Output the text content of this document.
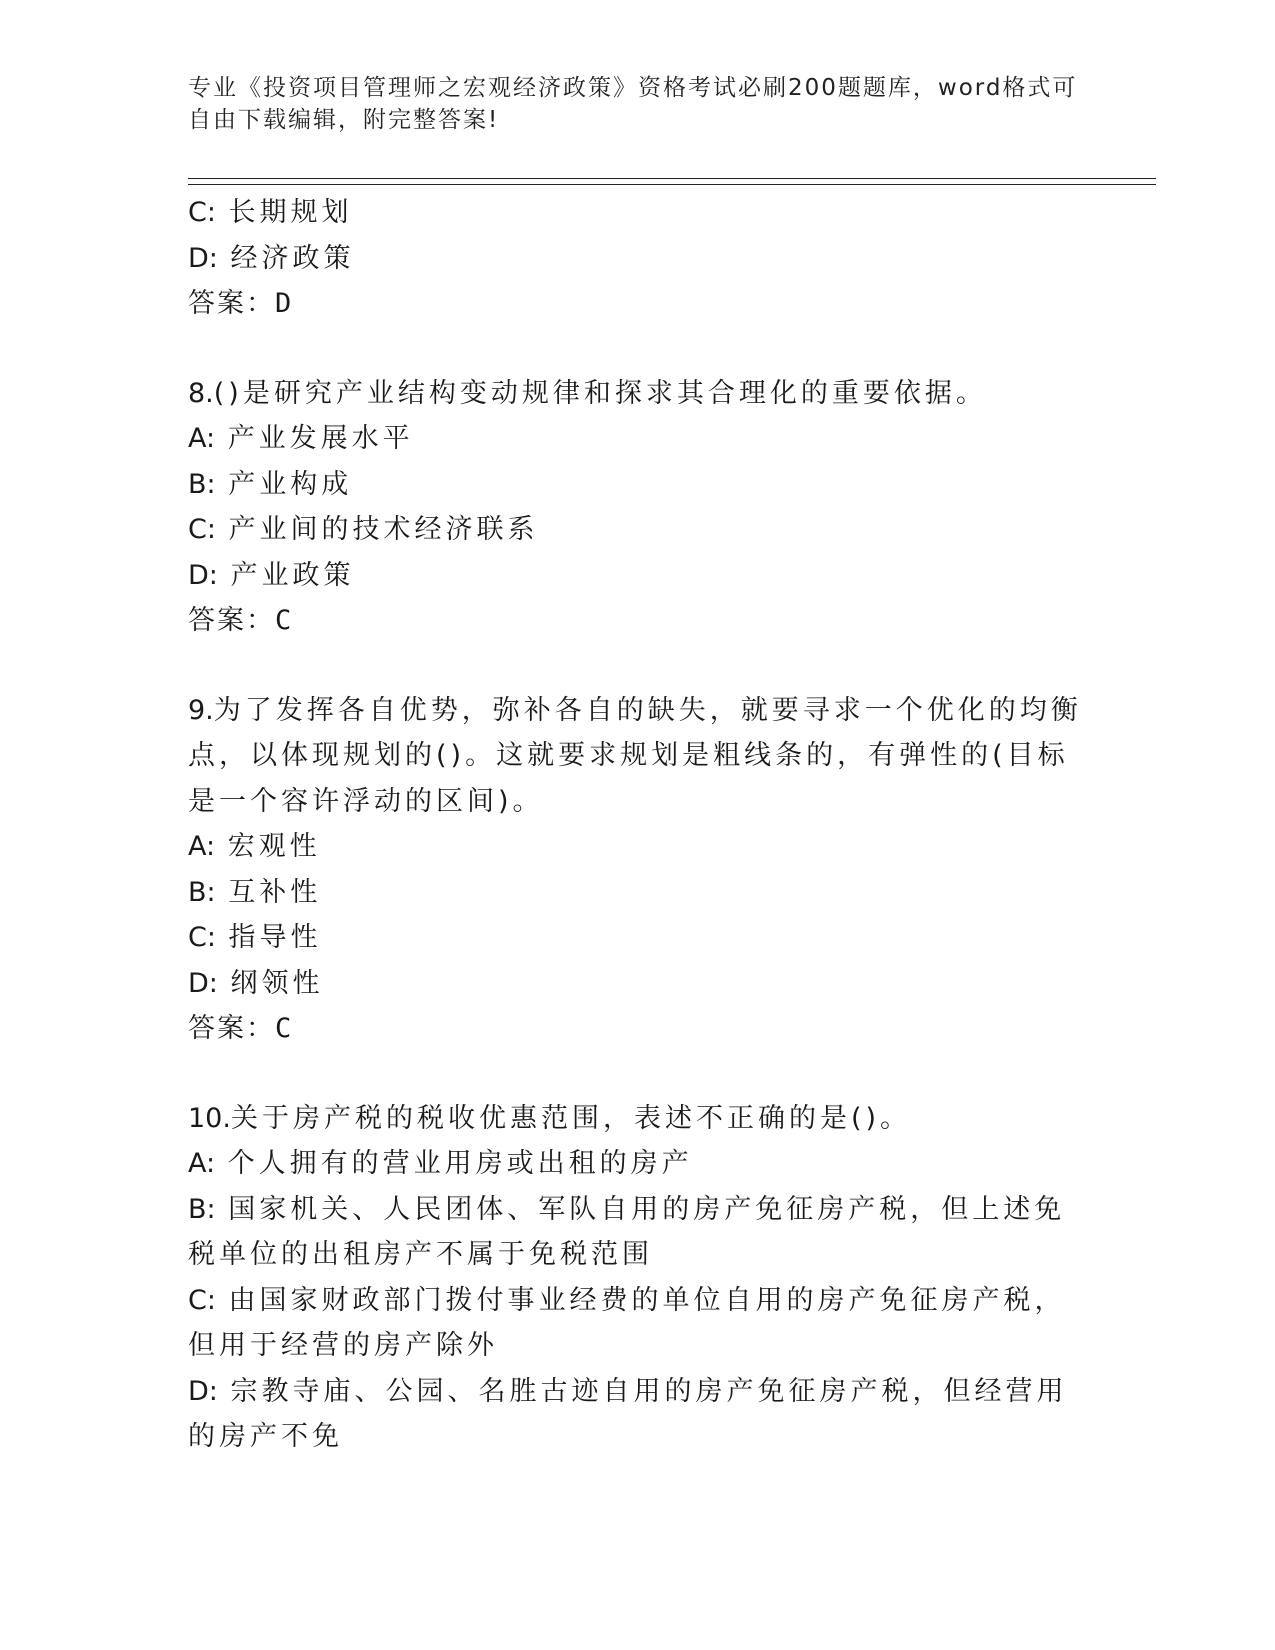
专业《投资项目管理师之宏观经济政策》资格考试必刷200题题库，word格式可自由下载编辑，附完整答案!
C: 长期规划
D: 经济政策
答案：D
8.()是研究产业结构变动规律和探求其合理化的重要依据。
A: 产业发展水平
B: 产业构成
C: 产业间的技术经济联系
D: 产业政策
答案：C
9.为了发挥各自优势，弥补各自的缺失，就要寻求一个优化的均衡点，以体现规划的()。这就要求规划是粗线条的，有弹性的(目标是一个容许浮动的区间)。
A: 宏观性
B: 互补性
C: 指导性
D: 纲领性
答案：C
10.关于房产税的税收优惠范围，表述不正确的是()。
A: 个人拥有的营业用房或出租的房产
B: 国家机关、人民团体、军队自用的房产免征房产税，但上述免税单位的出租房产不属于免税范围
C: 由国家财政部门拨付事业经费的单位自用的房产免征房产税，但用于经营的房产除外
D: 宗教寺庙、公园、名胜古迹自用的房产免征房产税，但经营用的房产不免
